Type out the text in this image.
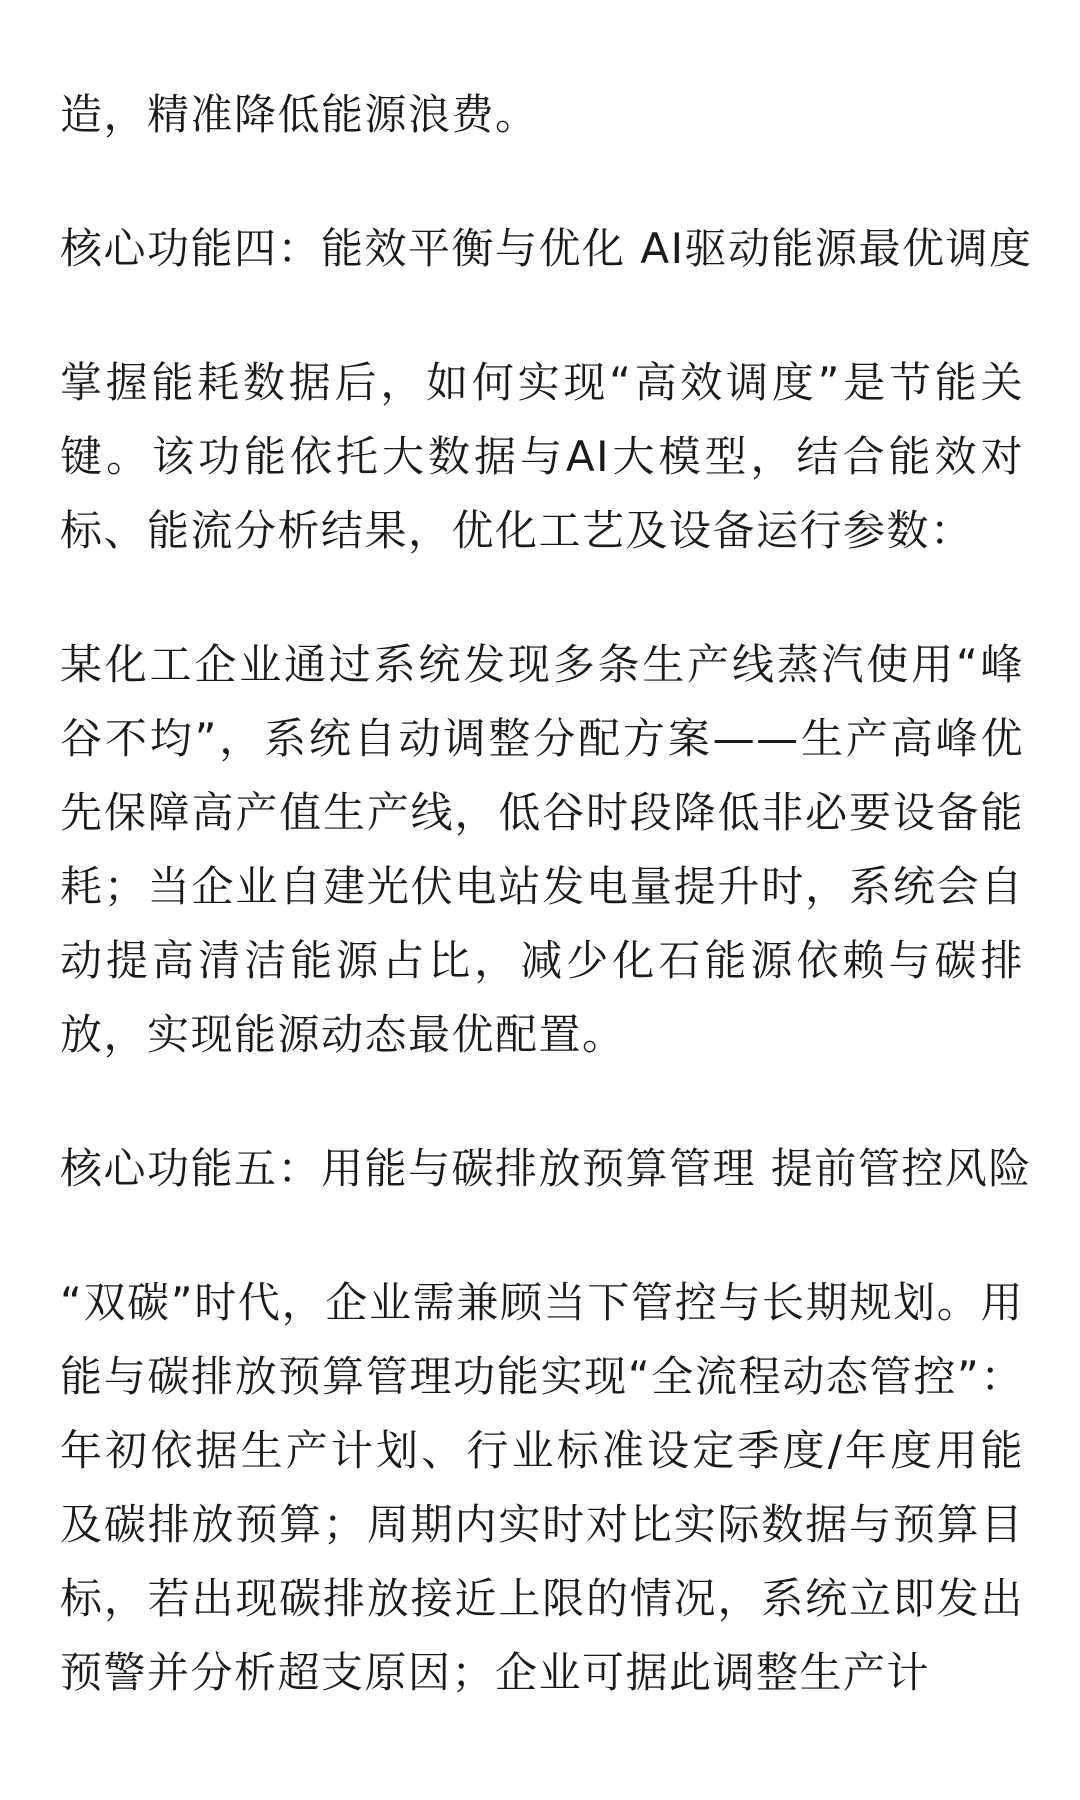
造，精准降低能源浪费。

核心功能四：能效平衡与优化 AI驱动能源最优调度

掌握能耗数据后，如何实现“高效调度”是节能关键。该功能依托大数据与AI大模型，结合能效对标、能流分析结果，优化工艺及设备运行参数：

某化工企业通过系统发现多条生产线蒸汽使用“峰谷不均”，系统自动调整分配方案——生产高峰优先保障高产值生产线，低谷时段降低非必要设备能耗；当企业自建光伏电站发电量提升时，系统会自动提高清洁能源占比，减少化石能源依赖与碳排放，实现能源动态最优配置。

核心功能五：用能与碳排放预算管理 提前管控风险

“双碳”时代，企业需兼顾当下管控与长期规划。用能与碳排放预算管理功能实现“全流程动态管控”：年初依据生产计划、行业标准设定季度/年度用能及碳排放预算；周期内实时对比实际数据与预算目标，若出现碳排放接近上限的情况，系统立即发出预警并分析超支原因；企业可据此调整生产计
